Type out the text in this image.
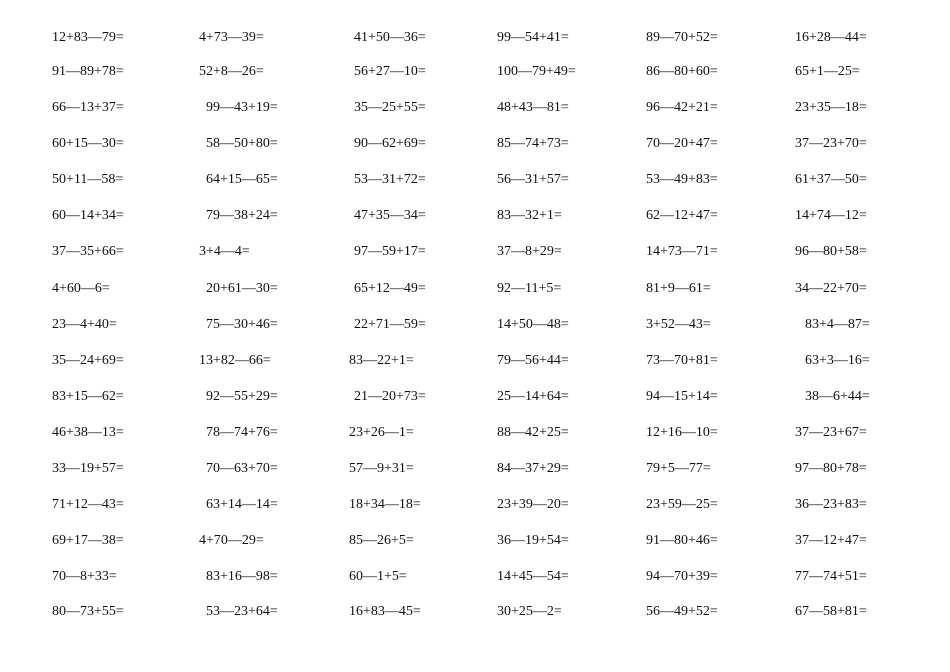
12+83—79=	4+73—39=	41+50—36=	99—54+41=	89—70+52=	16+28—44=
91—89+78=	52+8—26=	56+27—10=	100—79+49=	86—80+60=	65+1—25=
66—13+37=	99—43+19=	35—25+55=	48+43—81=	96—42+21=	23+35—18=
60+15—30=	58—50+80=	90—62+69=	85—74+73=	70—20+47=	37—23+70=
50+11—58=	64+15—65=	53—31+72=	56—31+57=	53—49+83=	61+37—50=
60—14+34=	79—38+24=	47+35—34=	83—32+1=	62—12+47=	14+74—12=
37—35+66=	3+4—4=	97—59+17=	37—8+29=	14+73—71=	96—80+58=
4+60—6=	20+61—30=	65+12—49=	92—11+5=	81+9—61=	34—22+70=
23—4+40=	75—30+46=	22+71—59=	14+50—48=	3+52—43=	83+4—87=
35—24+69=	13+82—66=	83—22+1=	79—56+44=	73—70+81=	63+3—16=
83+15—62=	92—55+29=	21—20+73=	25—14+64=	94—15+14=	38—6+44=
46+38—13=	78—74+76=	23+26—1=	88—42+25=	12+16—10=	37—23+67=
33—19+57=	70—63+70=	57—9+31=	84—37+29=	79+5—77=	97—80+78=
71+12—43=	63+14—14=	18+34—18=	23+39—20=	23+59—25=	36—23+83=
69+17—38=	4+70—29=	85—26+5=	36—19+54=	91—80+46=	37—12+47=
70—8+33=	83+16—98=	60—1+5=	14+45—54=	94—70+39=	77—74+51=
80—73+55=	53—23+64=	16+83—45=	30+25—2=	56—49+52=	67—58+81=
